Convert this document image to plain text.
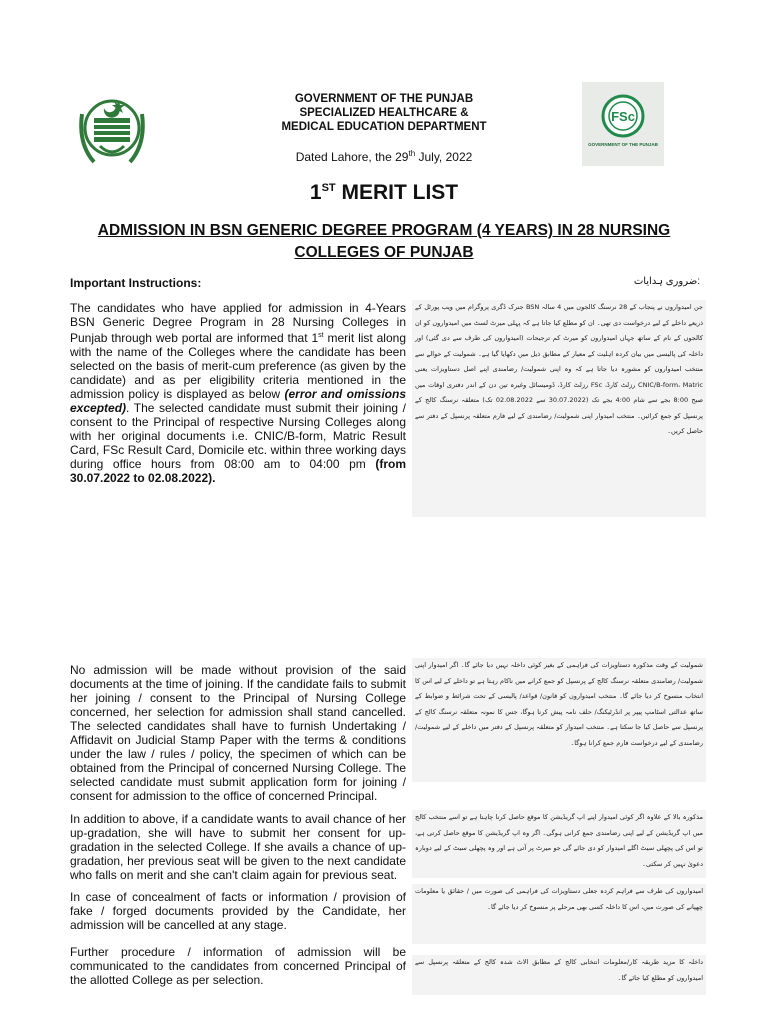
FSc
GOVERNMENT OF THE PUNJAB
GOVERNMENT OF THE PUNJAB
SPECIALIZED HEALTHCARE &
MEDICAL EDUCATION DEPARTMENT
Dated Lahore, the 29th July, 2022
1ST MERIT LIST
ADMISSION IN BSN GENERIC DEGREE PROGRAM (4 YEARS) IN 28 NURSING COLLEGES OF PUNJAB
Important Instructions:	ضروری ہدایات:
The candidates who have applied for admission in 4-Years BSN Generic Degree Program in 28 Nursing Colleges in Punjab through web portal are informed that 1st merit list along with the name of the Colleges where the candidate has been selected on the basis of merit-cum preference (as given by the candidate) and as per eligibility criteria mentioned in the admission policy is displayed as below (error and omissions excepted). The selected candidate must submit their joining / consent to the Principal of respective Nursing Colleges along with her original documents i.e. CNIC/B-form, Matric Result Card, FSc Result Card, Domicile etc. within three working days during office hours from 08:00 am to 04:00 pm (from 30.07.2022 to 02.08.2022).
No admission will be made without provision of the said documents at the time of joining. If the candidate fails to submit her joining / consent to the Principal of Nursing College concerned, her selection for admission shall stand cancelled. The selected candidates shall have to furnish Undertaking / Affidavit on Judicial Stamp Paper with the terms & conditions under the law / rules / policy, the specimen of which can be obtained from the Principal of concerned Nursing College. The selected candidate must submit application form for joining / consent for admission to the office of concerned Principal.
In addition to above, if a candidate wants to avail chance of her up-gradation, she will have to submit her consent for up-gradation in the selected College. If she avails a chance of up-gradation, her previous seat will be given to the next candidate who falls on merit and she can't claim again for previous seat.
In case of concealment of facts or information / provision of fake / forged documents provided by the Candidate, her admission will be cancelled at any stage.
Further procedure / information of admission will be communicated to the candidates from concerned Principal of the allotted College as per selection.
جن امیدواروں نے پنجاب کے 28 نرسنگ کالجوں میں 4 سالہ BSN جنرک ڈگری پروگرام میں ویب پورٹل کے ذریعے داخلے کے لیے درخواست دی تھی۔ ان کو مطلع کیا جاتا ہے کہ پہلی میرٹ لسٹ میں امیدواروں کو ان کالجوں کے نام کے ساتھ جہاں امیدواروں کو میرٹ کم ترجیحات (امیدواروں کی طرف سے دی گئی) اور داخلہ کی پالیسی میں بیان کردہ اہلیت کے معیار کے مطابق ذیل میں دکھایا گیا ہے۔ شمولیت کے حوالے سے منتخب امیدواروں کو مشورہ دیا جاتا ہے کہ وہ اپنی شمولیت/ رضامندی اپنے اصل دستاویزات یعنی CNIC/B-form، Matric رزلٹ کارڈ، FSc رزلٹ کارڈ، ڈومیسائل وغیرہ تین دن کے اندر دفتری اوقات میں صبح 8:00 بجے سے شام 4:00 بجے تک (30.07.2022 سے 02.08.2022 تک) متعلقہ نرسنگ کالج کے پرنسپل کو جمع کرائیں۔ منتخب امیدوار اپنی شمولیت/ رضامندی کے لیے فارم متعلقہ پرنسپل کے دفتر سے حاصل کریں۔
شمولیت کے وقت مذکورہ دستاویزات کی فراہمی کے بغیر کوئی داخلہ نہیں دیا جائے گا۔ اگر امیدوار اپنی شمولیت/ رضامندی متعلقہ نرسنگ کالج کے پرنسپل کو جمع کرانے میں ناکام رہتا ہے تو داخلے کے لیے اس کا انتخاب منسوخ کر دیا جائے گا۔ منتخب امیدواروں کو قانون/ قواعد/ پالیسی کے تحت شرائط و ضوابط کے ساتھ عدالتی اسٹامپ پیپر پر انڈرٹیکنگ/ حلف نامہ پیش کرنا ہوگا، جس کا نمونہ متعلقہ نرسنگ کالج کے پرنسپل سے حاصل کیا جا سکتا ہے۔ منتخب امیدوار کو متعلقہ پرنسپل کے دفتر میں داخلے کے لیے شمولیت/ رضامندی کے لیے درخواست فارم جمع کرانا ہوگا۔
مذکورہ بالا کے علاوہ اگر کوئی امیدوار اپنے اپ گریڈیشن کا موقع حاصل کرنا چاہتا ہے تو اسے منتخب کالج میں اپ گریڈیشن کے لیے اپنی رضامندی جمع کرانی ہوگی۔ اگر وہ اپ گریڈیشن کا موقع حاصل کرتی ہے، تو اس کی پچھلی سیٹ اگلے امیدوار کو دی جائے گی جو میرٹ پر آتی ہے اور وہ پچھلی سیٹ کے لیے دوبارہ دعویٰ نہیں کر سکتی۔
امیدواروں کی طرف سے فراہم کردہ جعلی دستاویزات کی فراہمی کی صورت میں / حقائق یا معلومات چھپانے کی صورت میں، اس کا داخلہ کسی بھی مرحلے پر منسوخ کر دیا جائے گا۔
داخلہ کا مزید طریقہ کار/معلومات انتخابی کالج کے مطابق الاٹ شدہ کالج کے متعلقہ پرنسپل سے امیدواروں کو مطلع کیا جائے گا۔
